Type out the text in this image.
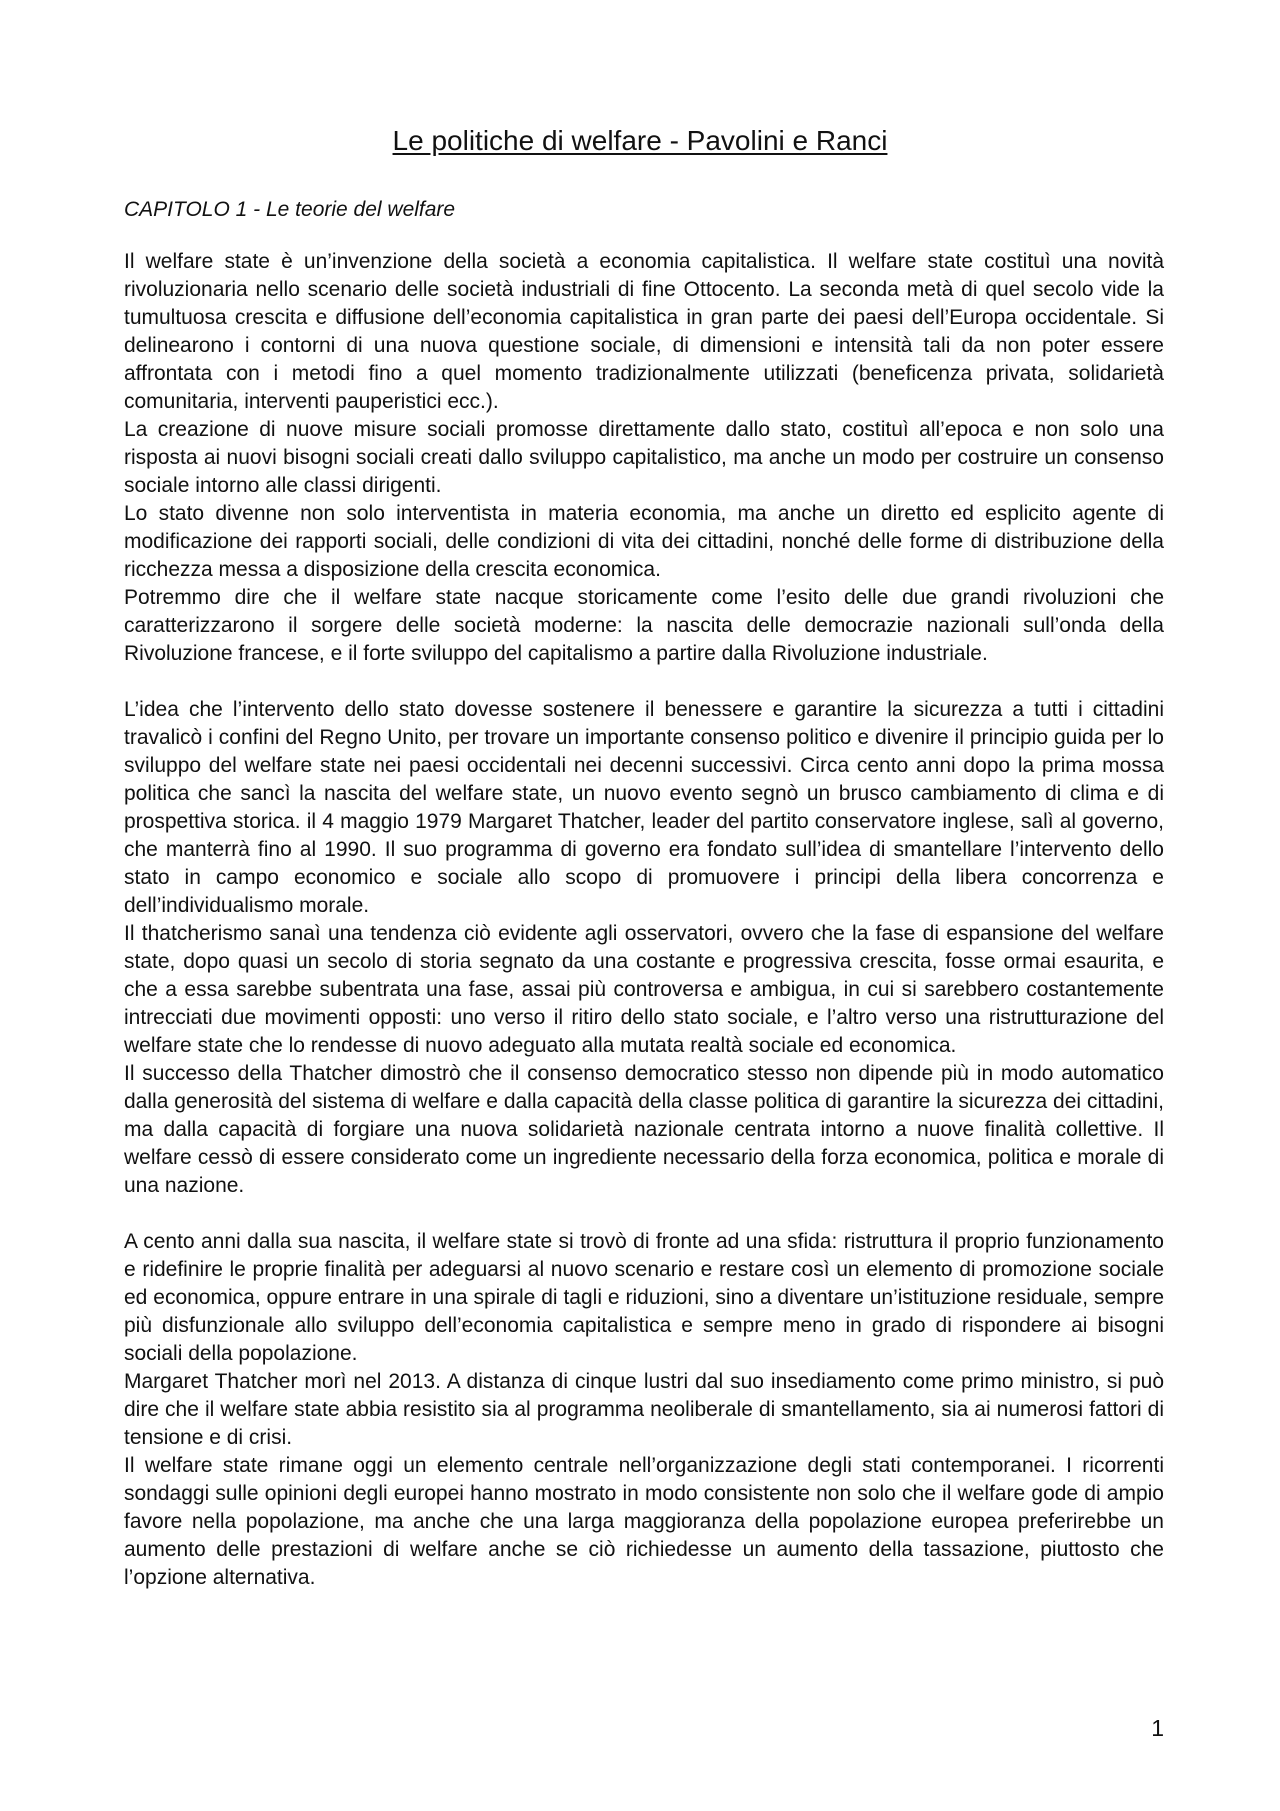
Le politiche di welfare - Pavolini e Ranci

CAPITOLO 1 - Le teorie del welfare

Il welfare state è un’invenzione della società a economia capitalistica. Il welfare state costituì una novità rivoluzionaria nello scenario delle società industriali di fine Ottocento. La seconda metà di quel secolo vide la tumultuosa crescita e diffusione dell’economia capitalistica in gran parte dei paesi dell’Europa occidentale. Si delinearono i contorni di una nuova questione sociale, di dimensioni e intensità tali da non poter essere affrontata con i metodi fino a quel momento tradizionalmente utilizzati (beneficenza privata, solidarietà comunitaria, interventi pauperistici ecc.).

La creazione di nuove misure sociali promosse direttamente dallo stato, costituì all’epoca e non solo una risposta ai nuovi bisogni sociali creati dallo sviluppo capitalistico, ma anche un modo per costruire un consenso sociale intorno alle classi dirigenti.

Lo stato divenne non solo interventista in materia economia, ma anche un diretto ed esplicito agente di modificazione dei rapporti sociali, delle condizioni di vita dei cittadini, nonché delle forme di distribuzione della ricchezza messa a disposizione della crescita economica.

Potremmo dire che il welfare state nacque storicamente come l’esito delle due grandi rivoluzioni che caratterizzarono il sorgere delle società moderne: la nascita delle democrazie nazionali sull’onda della Rivoluzione francese, e il forte sviluppo del capitalismo a partire dalla Rivoluzione industriale.

L’idea che l’intervento dello stato dovesse sostenere il benessere e garantire la sicurezza a tutti i cittadini travalicò i confini del Regno Unito, per trovare un importante consenso politico e divenire il principio guida per lo sviluppo del welfare state nei paesi occidentali nei decenni successivi. Circa cento anni dopo la prima mossa politica che sancì la nascita del welfare state, un nuovo evento segnò un brusco cambiamento di clima e di prospettiva storica. il 4 maggio 1979 Margaret Thatcher, leader del partito conservatore inglese, salì al governo, che manterrà fino al 1990. Il suo programma di governo era fondato sull’idea di smantellare l’intervento dello stato in campo economico e sociale allo scopo di promuovere i principi della libera concorrenza e dell’individualismo morale.

Il thatcherismo sanaì una tendenza ciò evidente agli osservatori, ovvero che la fase di espansione del welfare state, dopo quasi un secolo di storia segnato da una costante e progressiva crescita, fosse ormai esaurita, e che a essa sarebbe subentrata una fase, assai più controversa e ambigua, in cui si sarebbero costantemente intrecciati due movimenti opposti: uno verso il ritiro dello stato sociale, e l’altro verso una ristrutturazione del welfare state che lo rendesse di nuovo adeguato alla mutata realtà sociale ed economica.

Il successo della Thatcher dimostrò che il consenso democratico stesso non dipende più in modo automatico dalla generosità del sistema di welfare e dalla capacità della classe politica di garantire la sicurezza dei cittadini, ma dalla capacità di forgiare una nuova solidarietà nazionale centrata intorno a nuove finalità collettive. Il welfare cessò di essere considerato come un ingrediente necessario della forza economica, politica e morale di una nazione.

A cento anni dalla sua nascita, il welfare state si trovò di fronte ad una sfida: ristruttura il proprio funzionamento e ridefinire le proprie finalità per adeguarsi al nuovo scenario e restare così un elemento di promozione sociale ed economica, oppure entrare in una spirale di tagli e riduzioni, sino a diventare un’istituzione residuale, sempre più disfunzionale allo sviluppo dell’economia capitalistica e sempre meno in grado di rispondere ai bisogni sociali della popolazione.

Margaret Thatcher morì nel 2013. A distanza di cinque lustri dal suo insediamento come primo ministro, si può dire che il welfare state abbia resistito sia al programma neoliberale di smantellamento, sia ai numerosi fattori di tensione e di crisi.

Il welfare state rimane oggi un elemento centrale nell’organizzazione degli stati contemporanei. I ricorrenti sondaggi sulle opinioni degli europei hanno mostrato in modo consistente non solo che il welfare gode di ampio favore nella popolazione, ma anche che una larga maggioranza della popolazione europea preferirebbe un aumento delle prestazioni di welfare anche se ciò richiedesse un aumento della tassazione, piuttosto che l’opzione alternativa.

1
